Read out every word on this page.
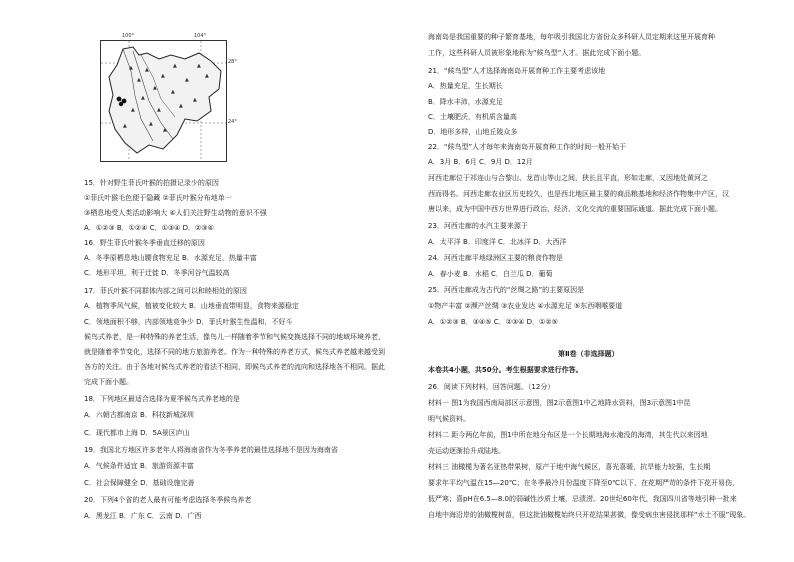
▲
▲
▲
▲
▲
▲
▲
▲
▲
▲
▲
▲
▲
▲
▲
▲
▲
▲
100°	104°
28°
24°
15．针对野生菲氏叶猴的拍摄记录少的原因
①菲氏叶猴毛色便于隐藏 ②菲氏叶猴分布地单一
③栖息地受人类活动影响大 ④人们关注野生动物的意识不强
A．①②③ B．①②④ C．①③④ D．②③④
16．野生菲氏叶猴冬季垂直迁移的原因
A．冬季原栖息地山腰食物充足 B．水源充足，热量丰富
C．地形平坦，利于迁徙 D．冬季河谷气温较高
17．菲氏叶猴不同群体内部之间可以和睦相处的原因
A．植物季风气候，植被变化较大 B．山地垂直带明显，食物来源稳定
C．领地面积不够，内部领地竞争少 D．菲氏叶猴生性温和，不好斗
候鸟式养老，是一种特殊的养老生活，像鸟儿一样随着季节和气候变换选择不同的地域环境养老，
就是随着季节变化，选择不同的地方旅游养老。作为一种特殊的养老方式，候鸟式养老越来越受到
各方的关注。由于各地对候鸟式养老的看法不相同，即候鸟式养老的流向和选择地各不相同。据此
完成下面小题。
18．下列地区最适合选择为夏季候鸟式养老地的是
A．六朝古都南京 B．科技新城深圳
C．现代都市上海 D．5A景区庐山
19．我国北方地区许多老年人将海南省作为冬季养老的最佳选择地不是因为海南省
A．气候条件适宜 B．旅游资源丰富
C．社会保障健全 D．基础设施完善
20．下列4个省的老人最有可能考虑选择冬季候鸟养老
A．黑龙江 B．广东 C．云南 D．广西
海南岛是我国重要的种子繁育基地，每年吸引我国北方省份众多科研人员定期来这里开展育种
工作，这些科研人员被形象地称为“候鸟型”人才。据此完成下面小题。
21．“候鸟型”人才选择海南岛开展育种工作主要考虑该地
A．热量充足，生长期长
B．降水丰沛，水源充足
C．土壤肥沃，有机质含量高
D．地形多样，山地丘陵众多
22．“候鸟型”人才每年来海南岛开展育种工作的时间一般开始于
A．3月 B．6月 C．9月 D．12月
河西走廊位于祁连山与合黎山、龙首山等山之间，狭长且平直，形如走廊，又因地处黄河之
西而得名。河西走廊农业区历史较久，也是西北地区最主要的商品粮基地和经济作物集中产区，汉
唐以来，成为中国中西方世界进行政治、经济、文化交流的重要国际通道。据此完成下面小题。
23．河西走廊的水汽主要来源于
A．太平洋 B．印度洋 C．北冰洋 D．大西洋
24．河西走廊平地绿洲区主要的粮食作物是
A．春小麦 B．水稻 C．白兰瓜 D．葡萄
25．河西走廊成为古代的“丝绸之路”的主要原因是
①物产丰富 ②濒产丝绸 ③农业发达 ④水源充足 ⑤东西咽喉要道
A．①②③ B．③④⑤ C．②③④ D．①②⑤
第Ⅱ卷（非选择题）
本卷共4小题，共50分。考生根据要求进行作答。
26．阅读下列材料，回答问题。（12分）
材料一 图1为我国西南局部区示意图，图2示意图1中乙地降水资料，图3示意图1中昆
明气候资料。
材料二 距今两亿年前，图1中所在地分布区是一个长期地海水淹没的海湾，其生代以来因地
壳运动逐渐抬升成陆地。
材料三 油橄榄为著名亚热带果树，原产于地中海气候区，喜光喜暖，抗旱能力较强，生长期
要求年平均气温在15—20℃；在冬季最冷月份温度下降至0℃以下，在花期严苛的条件下花开易伤，
低严寒；喜pH在6.5—8.0的弱碱性沙质土壤，忌渍涝。20世纪60年代，我国四川省等地引种一批来
自地中海沿岸的油橄榄树苗，但这批油橄榄始终只开花结果甚微，像受病虫害侵扰那样“水土不服”现象。
